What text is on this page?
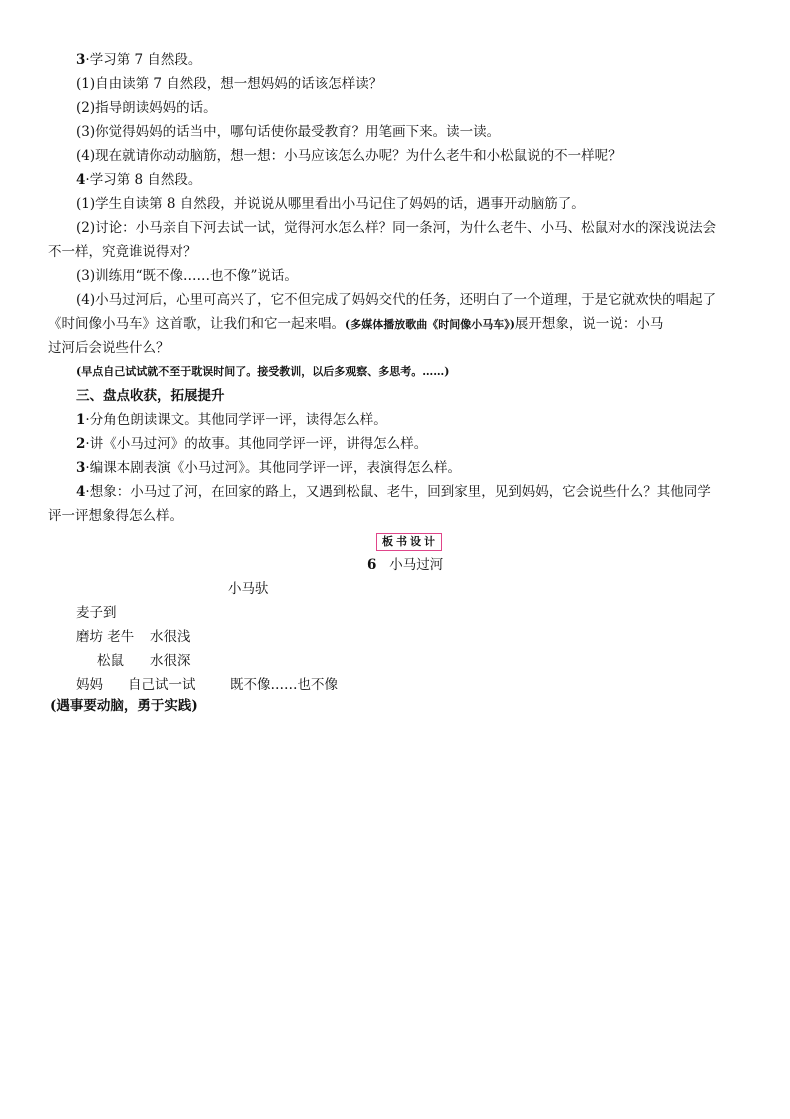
3·学习第 7 自然段。
(1)自由读第 7 自然段，想一想妈妈的话该怎样读？
(2)指导朗读妈妈的话。
(3)你觉得妈妈的话当中，哪句话使你最受教育？用笔画下来。读一读。
(4)现在就请你动动脑筋，想一想：小马应该怎么办呢？为什么老牛和小松鼠说的不一样呢？
4·学习第 8 自然段。
(1)学生自读第 8 自然段，并说说从哪里看出小马记住了妈妈的话，遇事开动脑筋了。
(2)讨论：小马亲自下河去试一试，觉得河水怎么样？同一条河，为什么老牛、小马、松鼠对水的深浅说法会
不一样，究竟谁说得对？
(3)训练用“既不像……也不像”说话。
(4)小马过河后，心里可高兴了，它不但完成了妈妈交代的任务，还明白了一个道理，于是它就欢快的唱起了
《时间像小马车》这首歌，让我们和它一起来唱。(多媒体播放歌曲《时间像小马车》)展开想象，说一说：小马
过河后会说些什么？
(早点自己试试就不至于耽误时间了。接受教训，以后多观察、多思考。……)
三、盘点收获，拓展提升
1·分角色朗读课文。其他同学评一评，读得怎么样。
2·讲《小马过河》的故事。其他同学评一评，讲得怎么样。
3·编课本剧表演《小马过河》。其他同学评一评，表演得怎么样。
4·想象：小马过了河，在回家的路上，又遇到松鼠、老牛，回到家里，见到妈妈，它会说些什么？其他同学
评一评想象得怎么样。
板书设计
6 小马过河
小马驮
麦子到
磨坊 老牛 水很浅
松鼠 水很深
妈妈 自己试一试	既不像……也不像
(遇事要动脑，勇于实践)
